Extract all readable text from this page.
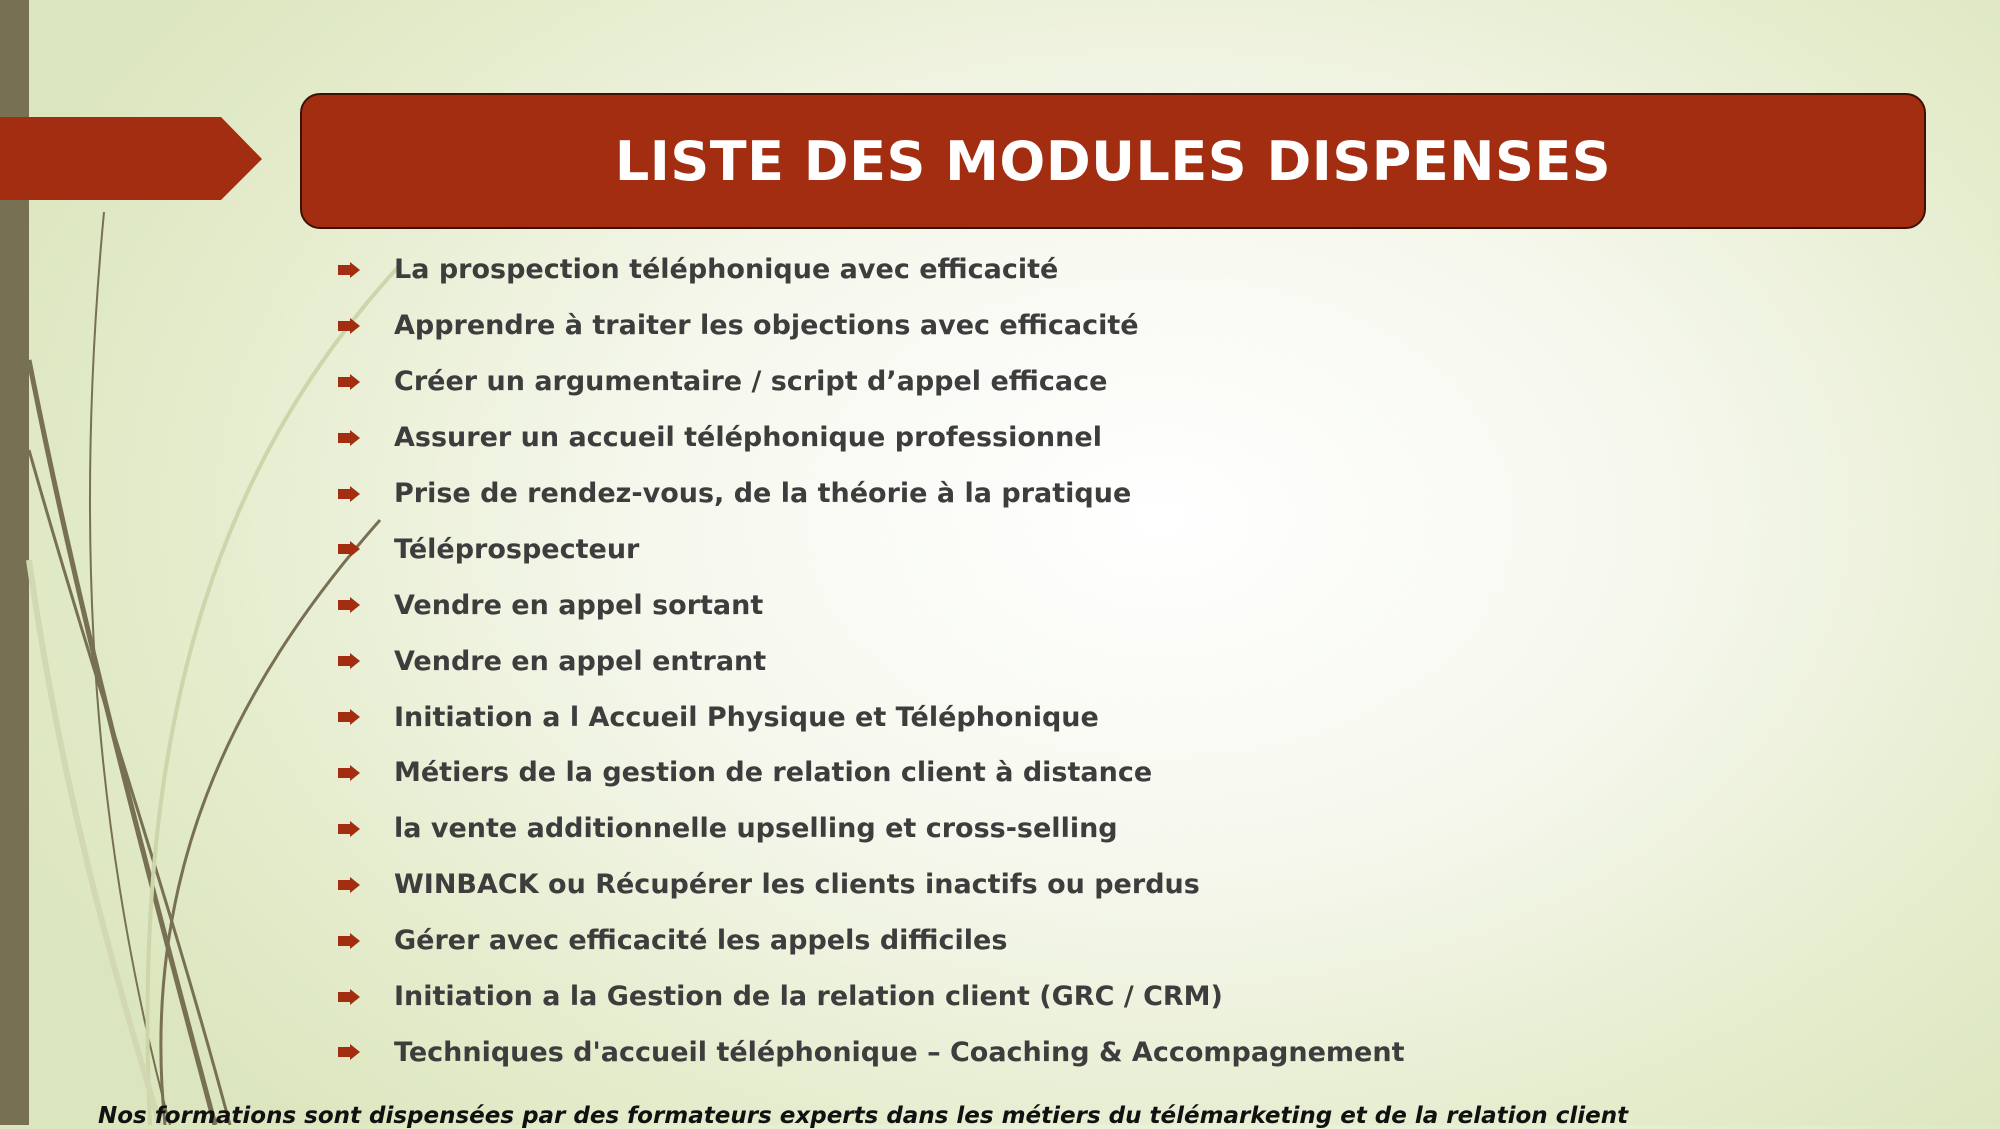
LISTE DES MODULES DISPENSES
La prospection téléphonique avec efficacité
Apprendre à traiter les objections avec efficacité
Créer un argumentaire / script d’appel efficace
Assurer un accueil téléphonique professionnel
Prise de rendez-vous, de la théorie à la pratique
Téléprospecteur
Vendre en appel sortant
Vendre en appel entrant
Initiation a l Accueil Physique et Téléphonique
Métiers de la gestion de relation client à distance
la vente additionnelle upselling et cross-selling
WINBACK ou Récupérer les clients inactifs ou perdus
Gérer avec efficacité les appels difficiles
Initiation a la Gestion de la relation client (GRC / CRM)
Techniques d'accueil téléphonique – Coaching & Accompagnement
Nos formations sont dispensées par des formateurs experts dans les métiers du télémarketing et de la relation client
